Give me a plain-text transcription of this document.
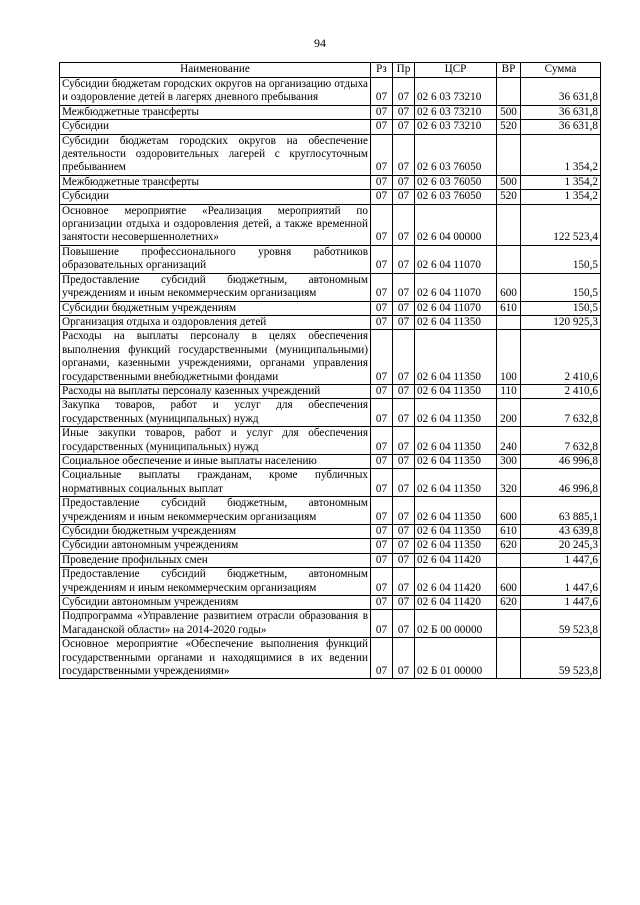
94
Наименование	Рз	Пр	ЦСР	ВР	Сумма
Субсидии бюджетам городских округов на организацию отдыха и оздоровление детей в лагерях дневного пребывания	07	07	02 6 03 73210		36 631,8
Межбюджетные трансферты	07	07	02 6 03 73210	500	36 631,8
Субсидии	07	07	02 6 03 73210	520	36 631,8
Субсидии бюджетам городских округов на обеспечение деятельности оздоровительных лагерей с круглосуточным пребыванием	07	07	02 6 03 76050		1 354,2
Межбюджетные трансферты	07	07	02 6 03 76050	500	1 354,2
Субсидии	07	07	02 6 03 76050	520	1 354,2
Основное мероприятие «Реализация мероприятий по организации отдыха и оздоровления детей, а также временной занятости несовершеннолетних»	07	07	02 6 04 00000		122 523,4
Повышение профессионального уровня работников образовательных организаций	07	07	02 6 04 11070		150,5
Предоставление субсидий бюджетным, автономным учреждениям и иным некоммерческим организациям	07	07	02 6 04 11070	600	150,5
Субсидии бюджетным учреждениям	07	07	02 6 04 11070	610	150,5
Организация отдыха и оздоровления детей	07	07	02 6 04 11350		120 925,3
Расходы на выплаты персоналу в целях обеспечения выполнения функций государственными (муниципальными) органами, казенными учреждениями, органами управления государственными внебюджетными фондами	07	07	02 6 04 11350	100	2 410,6
Расходы на выплаты персоналу казенных учреждений	07	07	02 6 04 11350	110	2 410,6
Закупка товаров, работ и услуг для обеспечения государственных (муниципальных) нужд	07	07	02 6 04 11350	200	7 632,8
Иные закупки товаров, работ и услуг для обеспечения государственных (муниципальных) нужд	07	07	02 6 04 11350	240	7 632,8
Социальное обеспечение и иные выплаты населению	07	07	02 6 04 11350	300	46 996,8
Социальные выплаты гражданам, кроме публичных нормативных социальных выплат	07	07	02 6 04 11350	320	46 996,8
Предоставление субсидий бюджетным, автономным учреждениям и иным некоммерческим организациям	07	07	02 6 04 11350	600	63 885,1
Субсидии бюджетным учреждениям	07	07	02 6 04 11350	610	43 639,8
Субсидии автономным учреждениям	07	07	02 6 04 11350	620	20 245,3
Проведение профильных смен	07	07	02 6 04 11420		1 447,6
Предоставление субсидий бюджетным, автономным учреждениям и иным некоммерческим организациям	07	07	02 6 04 11420	600	1 447,6
Субсидии автономным учреждениям	07	07	02 6 04 11420	620	1 447,6
Подпрограмма «Управление развитием отрасли образования в Магаданской области» на 2014-2020 годы»	07	07	02 Б 00 00000		59 523,8
Основное мероприятие «Обеспечение выполнения функций государственными органами и находящимися в их ведении государственными учреждениями»	07	07	02 Б 01 00000		59 523,8
